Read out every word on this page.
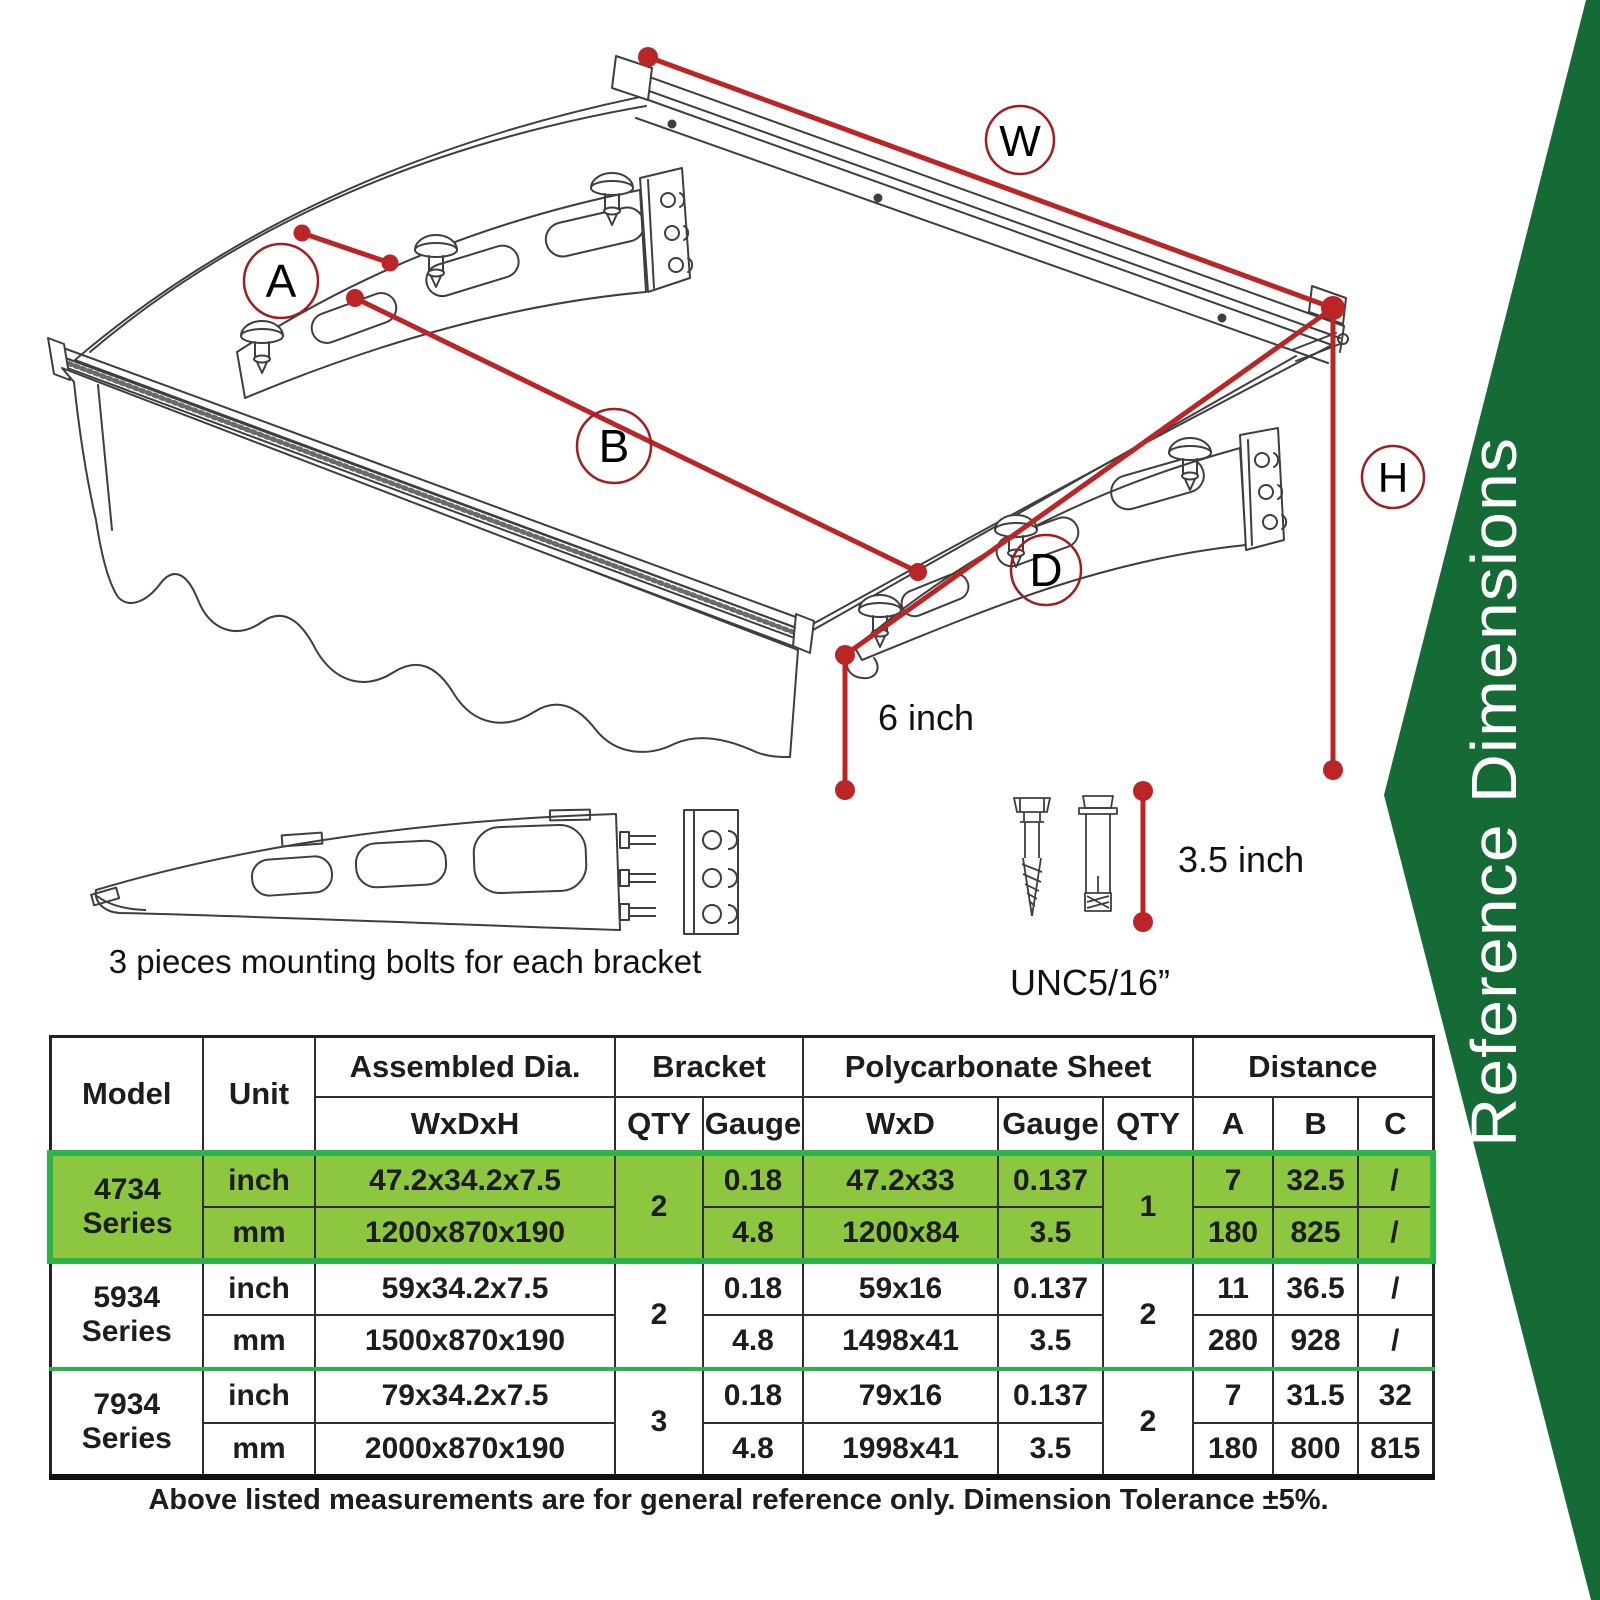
W
A
B
D
H
6 inch
3.5 inch
UNC5/16”
3 pieces mounting bolts for each bracket	Reference Dimensions
Model	Unit	Assembled Dia.	Bracket		Polycarbonate Sheet			Distance		
		WxDxH	QTY	Gauge	WxD	Gauge	QTY	A	B	C
4734
Series	inch	47.2x34.2x7.5	2	0.18	47.2x33	0.137	1	7	32.5	/
	mm	1200x870x190		4.8	1200x84	3.5		180	825	/
5934
Series	inch	59x34.2x7.5	2	0.18	59x16	0.137	2	11	36.5	/
	mm	1500x870x190		4.8	1498x41	3.5		280	928	/
7934
Series	inch	79x34.2x7.5	3	0.18	79x16	0.137	2	7	31.5	32
	mm	2000x870x190		4.8	1998x41	3.5		180	800	815
Above listed measurements are for general reference only. Dimension Tolerance ±5%.
